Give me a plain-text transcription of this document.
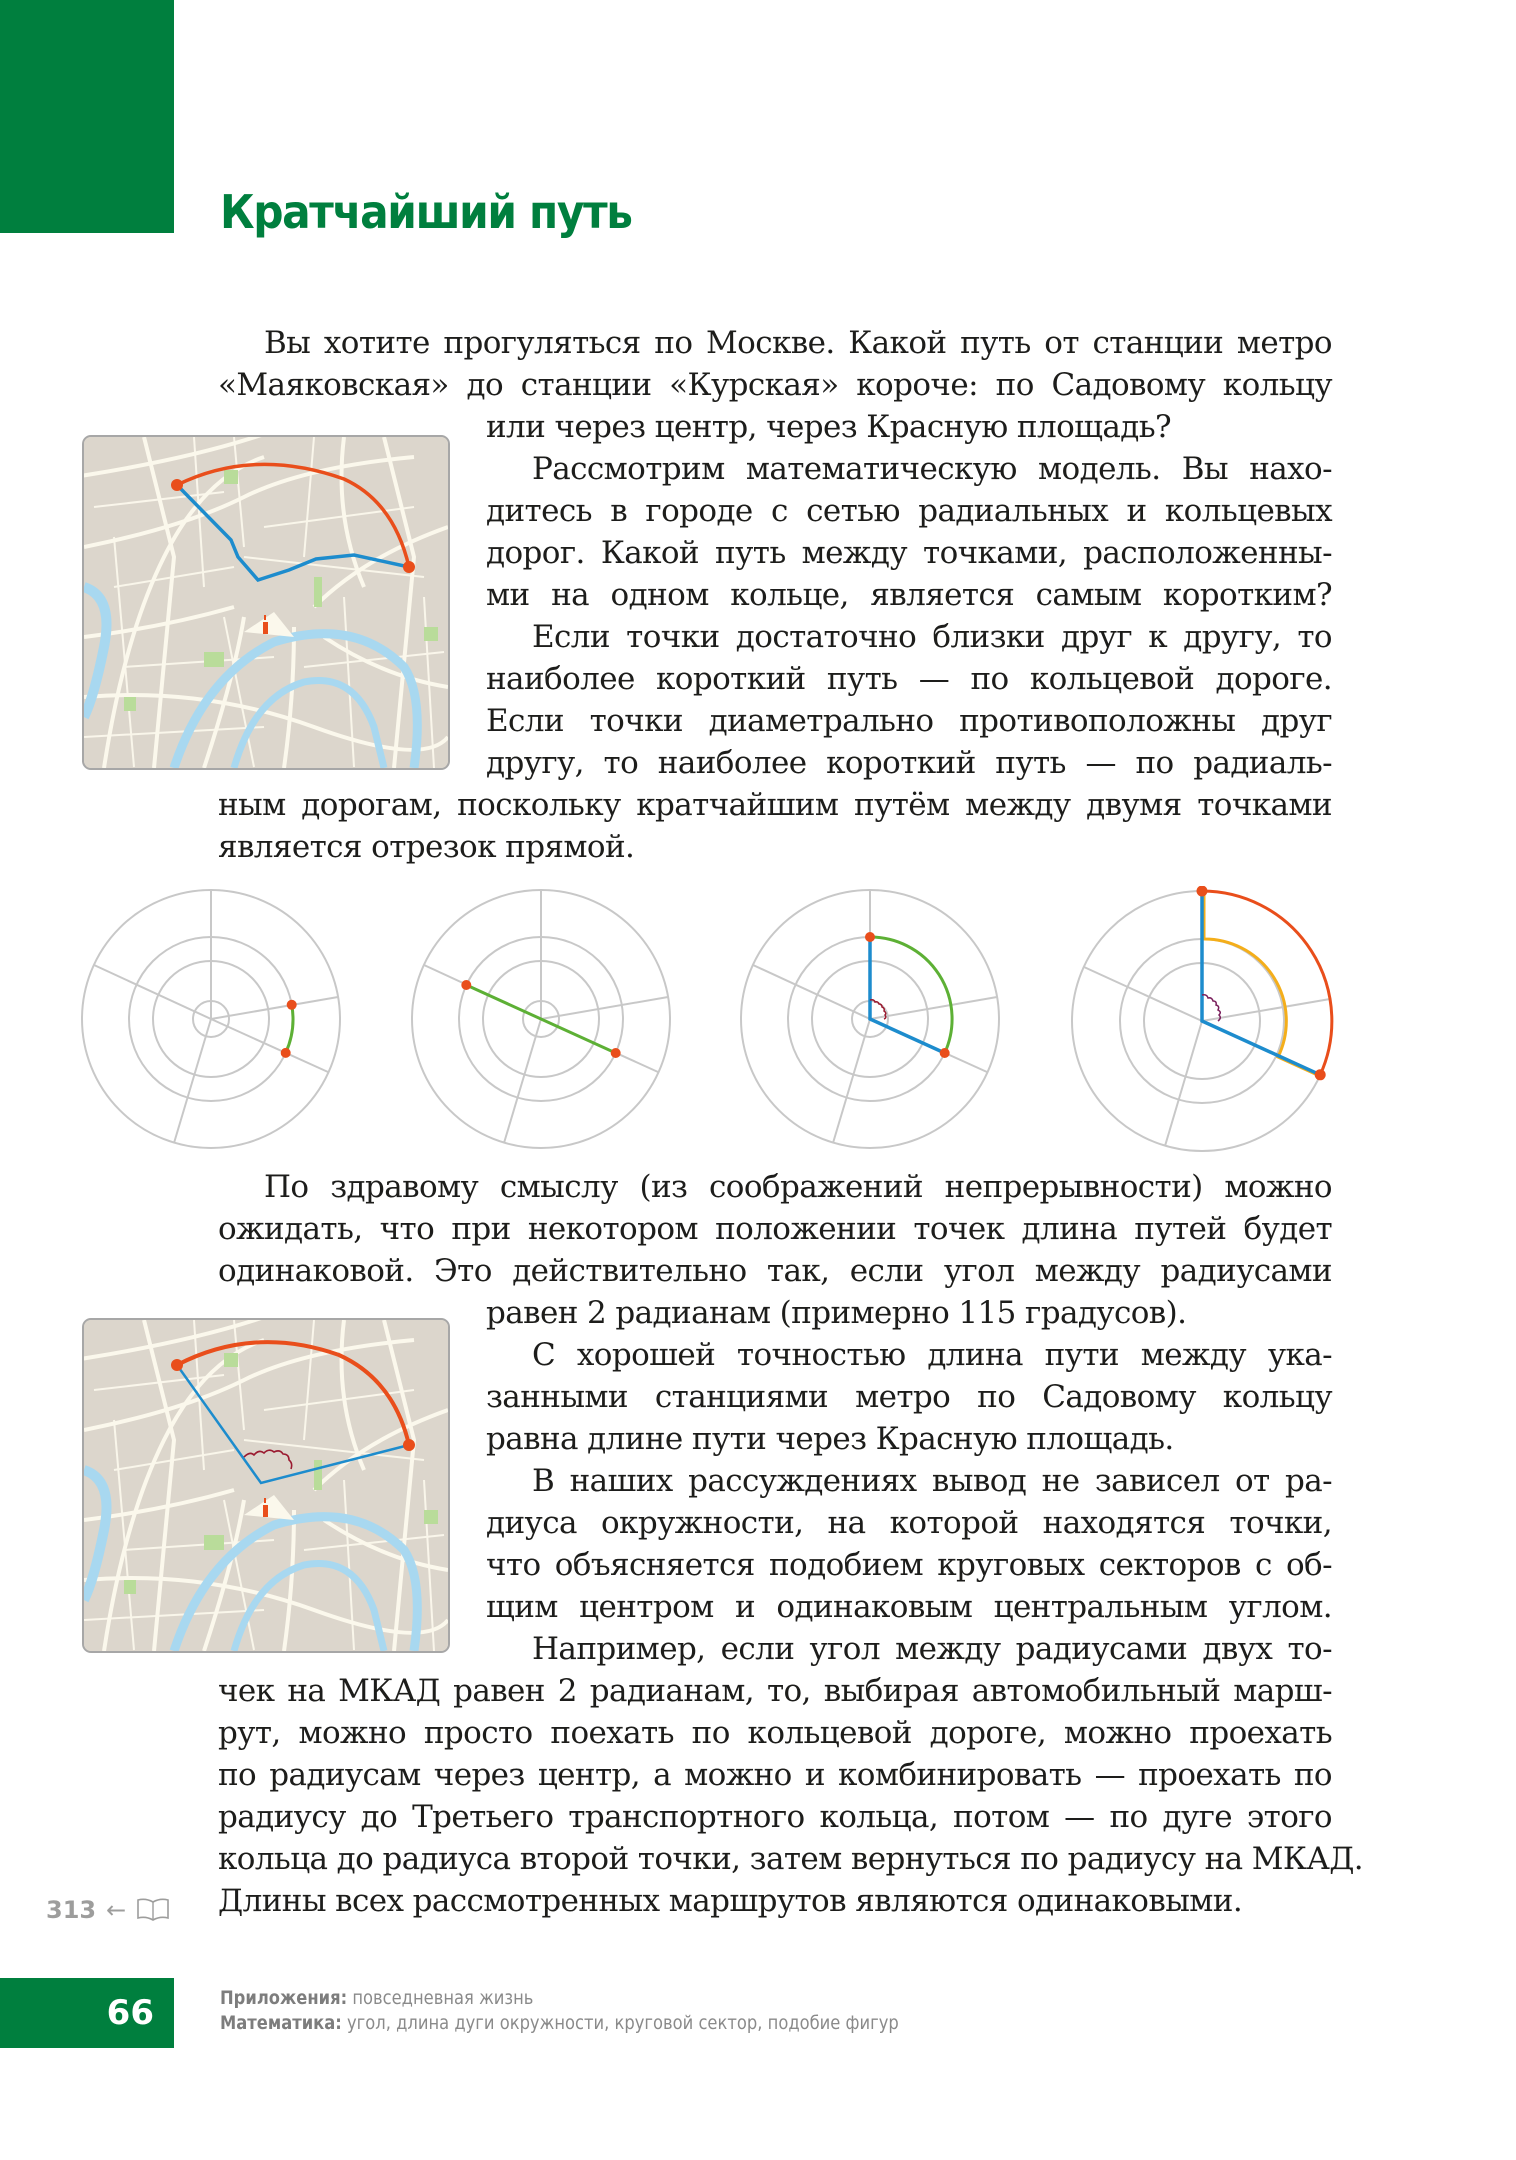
Кратчайший путь
Вы хотите прогуляться по Москве. Какой путь от станции метро
«Маяковская» до станции «Курская» короче: по Садовому кольцу
или через центр, через Красную площадь?
Рассмотрим математическую модель. Вы нахо-
дитесь в городе с сетью радиальных и кольцевых
дорог. Какой путь между точками, расположенны-
ми на одном кольце, является самым коротким?
Если точки достаточно близки друг к другу, то
наиболее короткий путь — по кольцевой дороге.
Если точки диаметрально противоположны друг
другу, то наиболее короткий путь — по радиаль-
ным дорогам, поскольку кратчайшим путём между двумя точками
является отрезок прямой.
По здравому смыслу (из соображений непрерывности) можно
ожидать, что при некотором положении точек длина путей будет
одинаковой. Это действительно так, если угол между радиусами
равен 2 радианам (примерно 115 градусов).
С хорошей точностью длина пути между ука-
занными станциями метро по Садовому кольцу
равна длине пути через Красную площадь.
В наших рассуждениях вывод не зависел от ра-
диуса окружности, на которой находятся точки,
что объясняется подобием круговых секторов с об-
щим центром и одинаковым центральным углом.
Например, если угол между радиусами двух то-
чек на МКАД равен 2 радианам, то, выбирая автомобильный марш-
рут, можно просто поехать по кольцевой дороге, можно проехать
по радиусам через центр, а можно и комбинировать — проехать по
радиусу до Третьего транспортного кольца, потом — по дуге этого
кольца до радиуса второй точки, затем вернуться по радиусу на МКАД.
Длины всех рассмотренных маршрутов являются одинаковыми.
313 ←
66	Приложения: повседневная жизнь
Математика: угол, длина дуги окружности, круговой сектор, подобие фигур
